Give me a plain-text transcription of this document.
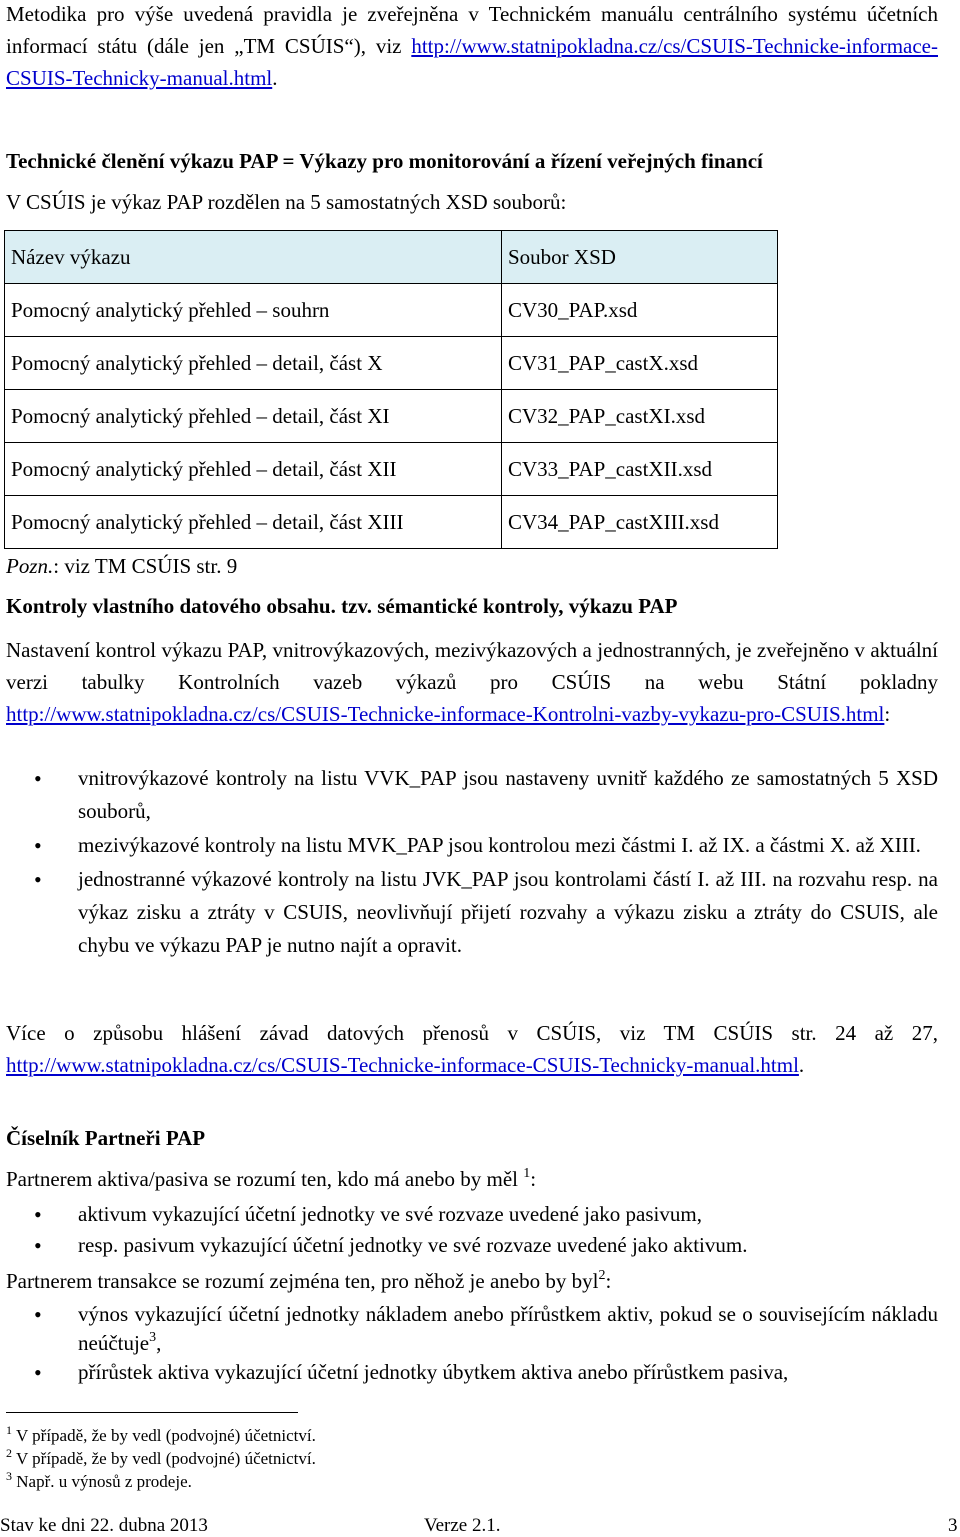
Metodika pro výše uvedená pravidla je zveřejněna v Technickém manuálu centrálního systému účetních informací státu (dále jen „TM CSÚIS“), viz http://www.statnipokladna.cz/cs/CSUIS-Technicke-informace-CSUIS-Technicky-manual.html.

Technické členění výkazu PAP = Výkazy pro monitorování a řízení veřejných financí

V CSÚIS je výkaz PAP rozdělen na 5 samostatných XSD souborů:

Název výkazu	Soubor XSD
Pomocný analytický přehled – souhrn	CV30_PAP.xsd
Pomocný analytický přehled – detail, část X	CV31_PAP_castX.xsd
Pomocný analytický přehled – detail, část XI	CV32_PAP_castXI.xsd
Pomocný analytický přehled – detail, část XII	CV33_PAP_castXII.xsd
Pomocný analytický přehled – detail, část XIII	CV34_PAP_castXIII.xsd

Pozn.: viz TM CSÚIS str. 9

Kontroly vlastního datového obsahu. tzv. sémantické kontroly, výkazu PAP

Nastavení kontrol výkazu PAP, vnitrovýkazových, mezivýkazových a jednostranných, je zveřejněno v aktuální verzi tabulky Kontrolních vazeb výkazů pro CSÚIS na webu Státní pokladny http://www.statnipokladna.cz/cs/CSUIS-Technicke-informace-Kontrolni-vazby-vykazu-pro-CSUIS.html:

• vnitrovýkazové kontroly na listu VVK_PAP jsou nastaveny uvnitř každého ze samostatných 5 XSD souborů,

• mezivýkazové kontroly na listu MVK_PAP jsou kontrolou mezi částmi I. až IX. a částmi X. až XIII.

• jednostranné výkazové kontroly na listu JVK_PAP jsou kontrolami částí I. až III. na rozvahu resp. na výkaz zisku a ztráty v CSUIS, neovlivňují přijetí rozvahy a výkazu zisku a ztráty do CSUIS, ale chybu ve výkazu PAP je nutno najít a opravit.

Více o způsobu hlášení závad datových přenosů v CSÚIS, viz TM CSÚIS str. 24 až 27, http://www.statnipokladna.cz/cs/CSUIS-Technicke-informace-CSUIS-Technicky-manual.html.

Číselník Partneři PAP

Partnerem aktiva/pasiva se rozumí ten, kdo má anebo by měl $^1$:

• aktivum vykazující účetní jednotky ve své rozvaze uvedené jako pasivum,

• resp. pasivum vykazující účetní jednotky ve své rozvaze uvedené jako aktivum.

Partnerem transakce se rozumí zejména ten, pro něhož je anebo by byl$^2$:

• výnos vykazující účetní jednotky nákladem anebo přírůstkem aktiv, pokud se o souvisejícím nákladu neúčtuje$^3$,

• přírůstek aktiva vykazující účetní jednotky úbytkem aktiva anebo přírůstkem pasiva,

$^1$ V případě, že by vedl (podvojné) účetnictví.

$^2$ V případě, že by vedl (podvojné) účetnictví.

$^3$ Např. u výnosů z prodeje.

Stav ke dni 22. dubna 2013	Verze 2.1.	3
